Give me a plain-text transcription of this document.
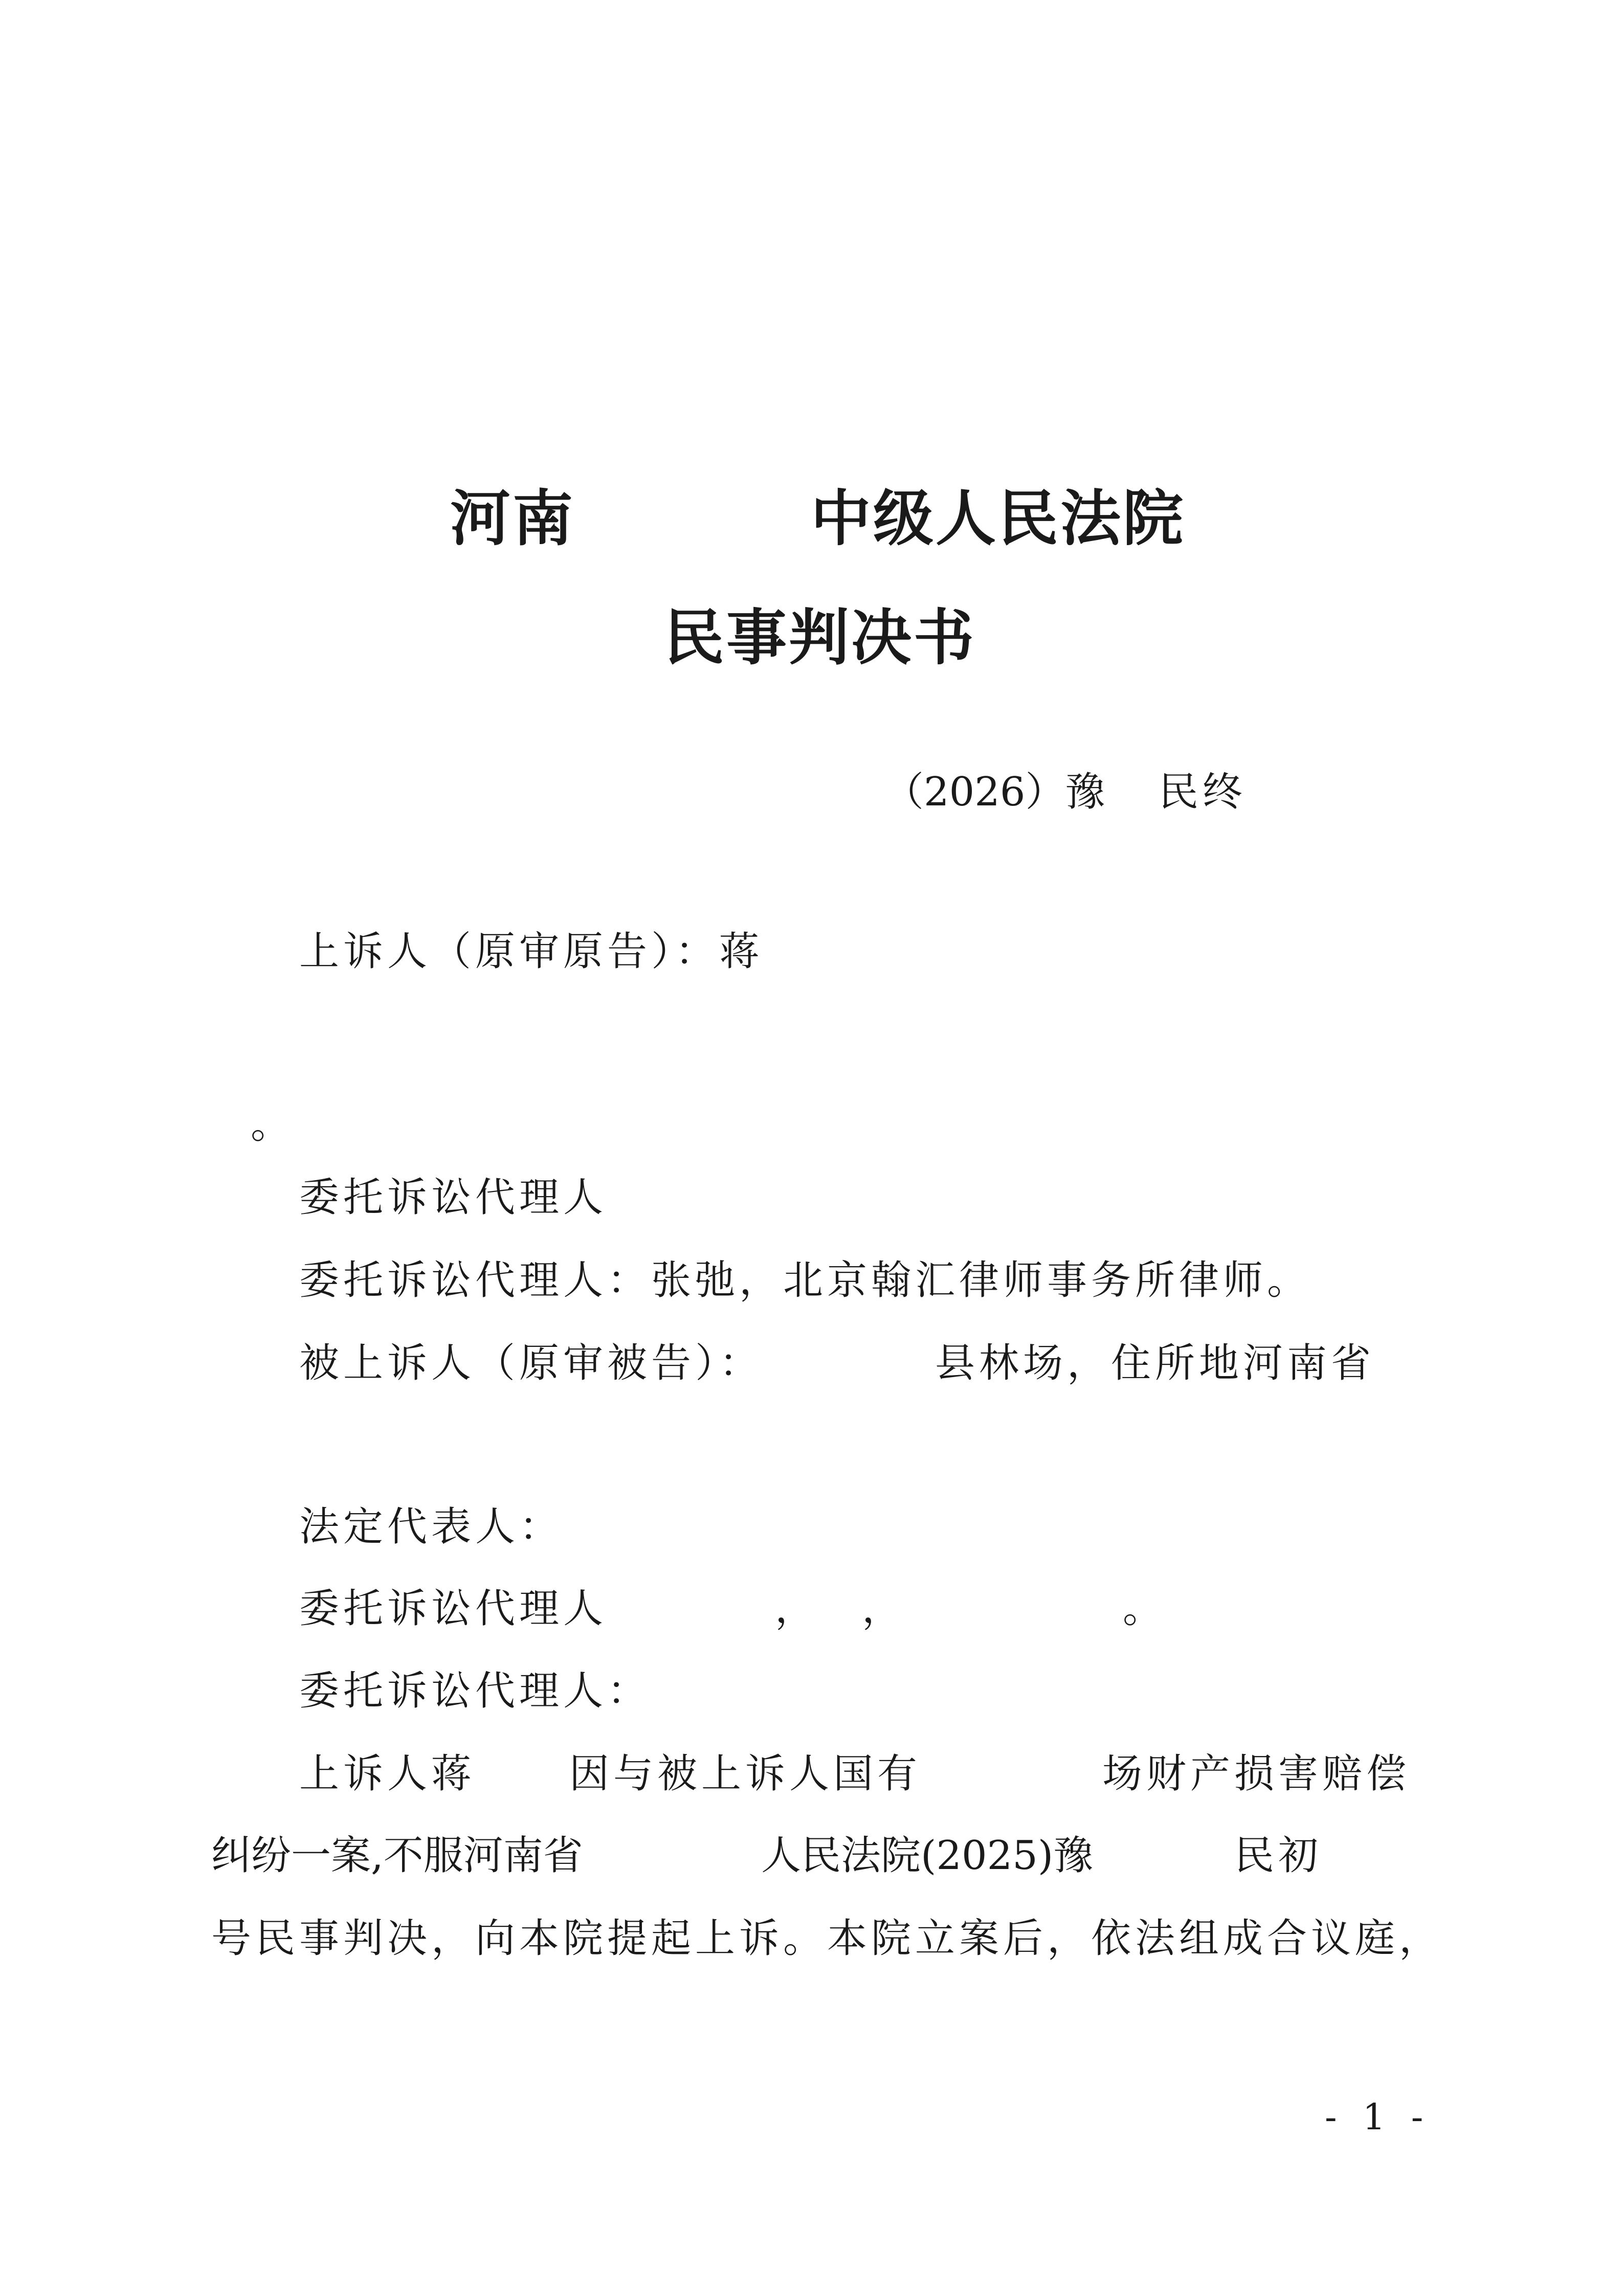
河南	中级人民法院
民事判决书
（2026）豫 民终
上诉人（原审原告）：蒋
。
委托诉讼代理人
委托诉讼代理人：张弛，北京翰汇律师事务所律师。
被上诉人（原审被告）：	县林场，住所地河南省
法定代表人：
委托诉讼代理人	， ，	。
委托诉讼代理人：
上诉人蒋 因与被上诉人国有	场财产损害赔偿
纠纷一案,不服河南省	人民法院(2025)豫	民初
号民事判决，向本院提起上诉。本院立案后，依法组成合议庭，
- 1 -
